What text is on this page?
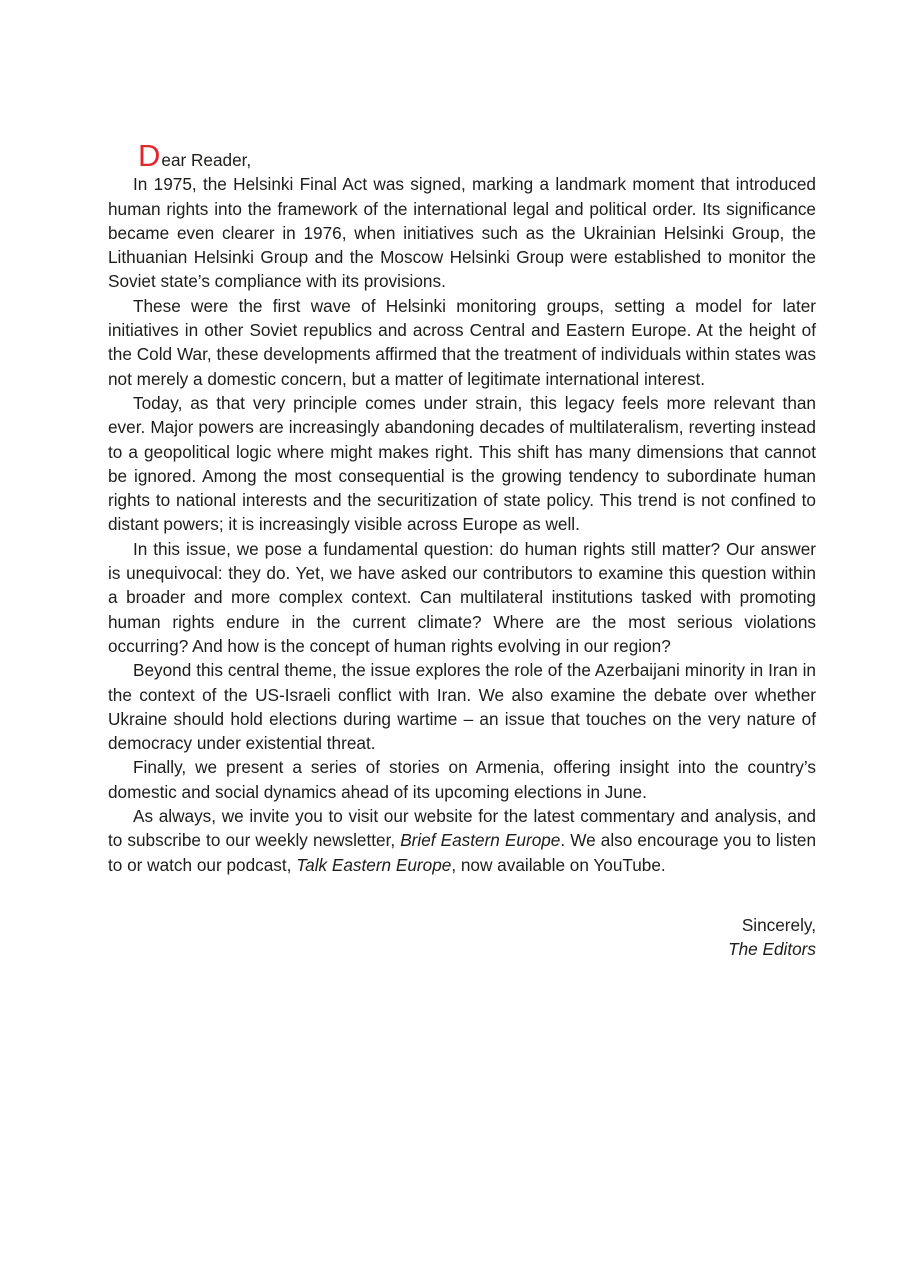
Dear Reader,

In 1975, the Helsinki Final Act was signed, marking a landmark moment that introduced human rights into the framework of the international legal and political order. Its significance became even clearer in 1976, when initiatives such as the Ukrainian Helsinki Group, the Lithuanian Helsinki Group and the Moscow Helsinki Group were established to monitor the Soviet state’s compliance with its provisions.

These were the first wave of Helsinki monitoring groups, setting a model for later initiatives in other Soviet republics and across Central and Eastern Europe. At the height of the Cold War, these developments affirmed that the treatment of individuals within states was not merely a domestic concern, but a matter of legitimate international interest.

Today, as that very principle comes under strain, this legacy feels more relevant than ever. Major powers are increasingly abandoning decades of multilateralism, reverting instead to a geopolitical logic where might makes right. This shift has many dimensions that cannot be ignored. Among the most consequential is the growing tendency to subordinate human rights to national interests and the securitization of state policy. This trend is not confined to distant powers; it is increasingly visible across Europe as well.

In this issue, we pose a fundamental question: do human rights still matter? Our answer is unequivocal: they do. Yet, we have asked our contributors to examine this question within a broader and more complex context. Can multilateral institutions tasked with promoting human rights endure in the current climate? Where are the most serious violations occurring? And how is the concept of human rights evolving in our region?

Beyond this central theme, the issue explores the role of the Azerbaijani minority in Iran in the context of the US-Israeli conflict with Iran. We also examine the debate over whether Ukraine should hold elections during wartime – an issue that touches on the very nature of democracy under existential threat.

Finally, we present a series of stories on Armenia, offering insight into the country’s domestic and social dynamics ahead of its upcoming elections in June.

As always, we invite you to visit our website for the latest commentary and analysis, and to subscribe to our weekly newsletter, Brief Eastern Europe. We also encourage you to listen to or watch our podcast, Talk Eastern Europe, now available on YouTube.

Sincerely,
The Editors
